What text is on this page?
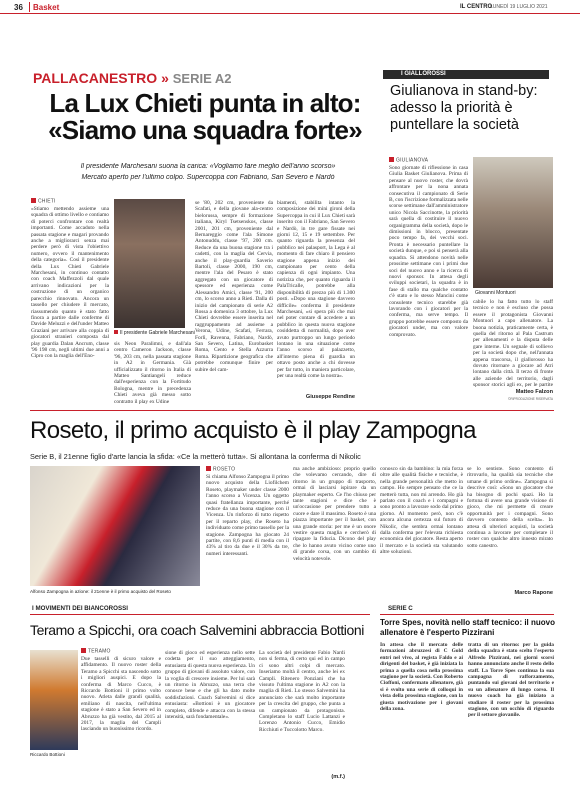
36 Basket	IL CENTRO
LUNEDÌ 19 LUGLIO 2021
PALLACANESTRO » SERIE A2
La Lux Chieti punta in alto:
«Siamo una squadra forte»
Il presidente Marchesani suona la carica: «Vogliamo fare meglio dell'anno scorso»
Mercato aperto per l'ultimo colpo. Supercoppa con Fabriano, San Severo e Nardò
CHIETI
«Stiamo mettendo assieme una squadra di ottimo livello e contiamo di poterci confrontare con realtà importanti. Come accaduto nella passata stagione e magari provando anche a migliorarci senza mai perdere però di vista l'obiettivo numero, ovvero il mantenimento della categoria». Così il presidente della Lux Chieti Gabriele Marchesani, in continuo contatto con coach Maffezzoli dal quale arrivano indicazioni per la costruzione di un organico parecchio rinnovato. Ancora un tassello per chiudere il mercato, riassumendo quanto è stato fatto finora a partire dalle conferme di Davide Meluzzi e dell'under Matteo Graziani per arrivare alla coppia di giocatori stranieri composta dal play guardia Dalan Ancrum, classe '96 198 cm, negli ultimi due anni a Cipro con la maglia dell'Eno-
Il presidente Gabriele Marchesani
sis Neon Paralimni, e dall'ala centro Cameron Jackson, classe '96, 203 cm, nella passata stagione in A2 in Germania. Già ufficializzato il ritorno in Italia di Matteo Santiangeli reduce dall'esperienza con la Fortitudo Bologna, mentre in precedenza Chieti aveva già messo sotto contratto il play ex Udine
se '80, 202 cm, proveniente da Scafati, e della giovane ala-centro bielorussa, sempre di formazione italiana, Kiryl Tsetsenskos, classe 2001, 201 cm, proveniente dal Bernareggio come l'ala Simone Antonuddu, classe '97, 200 cm. Reduce da una buona stagione tra i cadetti, con la maglia del Cervia, anche il play-guardia Saverio Bartoli, classe 2000, 190 cm, mentre l'ala del Pesaro è stato aggregato con un giocatore di spessore ed esperienza come Alessandro Amici, classe '91, 200 cm, lo scorso anno a Rieti. Dalla di inizio del campionato di serie A2 Rossa a domenica 3 ottobre, la Lux Chieti dovrebbe essere inserita nel raggruppamento ad assieme a Verona, Udine, Scafati, Ferrara, Forlì, Ravenna, Fabriano, Nardò, San Severo, Latina, Eurobasket Roma, Cento e Stella Azzurra Roma. Ripartizione geografica che potrebbe comunque finire per subire del cam-
biamenti, stabilita intanto la composizione dei mini gironi della Supercoppa in cui il Lux Chieti sarà inserito con il Fabriano, San Severo e Nardò, in tre gare fissate nei giorni 12, 15 e 19 settembre. Per quanto riguarda la presenza del pubblico nei palasport, la Lega è al momento di fare chiaro il pensiero stagione appena inizio dei campionato per cento della capienza di ogni impianto. Una notiziza che, per quanto riguarda il PalaTricalle, potrebbe alla disponibilità di prezzo più di 1.300 posti. «Dopo una stagione davvero difficile» conferma il presidente Marchesani, «si spera più che mai nel poter contare di accedere a un pubblico in questa nuova stagione cosiddetta di normalità, dopo aver avuto purtroppo un lungo periodo lontano in una situazione come l'anno scorso al palazzetto, all'interno piena di guardia un ottavo posto anche a chi dovesse per far tutto, in maniera particolare, per una realtà come la nostra».
Giuseppe Rendine
I GIALLOROSSI
Giulianova in stand-by: adesso la priorità è puntellare la società
GIULIANOVA
Sono giornate di riflessione in casa Giulia Basket Giulianova. Prima di pensare al nuovo roster, che dovrà affrontare per la nona annata consecutiva il campionato di Serie B, con l'iscrizione formalizzata nelle scorse settimane dall'amministratore unico Nicola Saccinotte, la priorità sarà quella di costituire il nuovo organigramma della società, dopo le dimissioni in blocco, presentate poco tempo fa, dei vecchi soci. Pronta è necessario puntellare la società dunque, e poi si penserà alla squadra. Si attendono novità nelle prossime settimane con i primi due soci del nuovo anno e la ricerca di nuovi sponsor. In attesa degli sviluppi societari, la squadra è in fase di stallo ma qualche contatto c'è stato e lo stesso Mancini come consulente tecnico starebbe già lavorando con i giocatori per la conferma, ma serve tempo. Il gruppo potrebbe essere composto da giocatori under, ma con valore comprovato.
Giovanni Montuori
cabile lo ha fatto tutto lo staff tecnico e non è escluso che possa essere il protagonista Giovanni Montuori a capo allenatore. La buona notizia, praticamente certa, è quella del ritorno al Pala Castrum per allenamenti e la disputa delle gare interne. Un segnale di sollievo per la società dopo che, nell'annata appena trascorsa, il giallorosso ha dovuto ritornare a giocare ad Atri lontano dalla città. Il terzo di fronte alle aziende del territorio, dagli sponsor storici agli ex, per le partite
Matteo Falzon
©RIPRODUZIONE RISERVATA
Roseto, il primo acquisto è il play Zampogna
Serie B, il 21enne figlio d'arte lancia la sfida: «Ce la metterò tutta». Si allontana la conferma di Nikolic
Alfonso Zampogna in azione: il 21enne è il primo acquisto del Roseto
ROSETO
Si chiama Alfonso Zampogna il primo nuovo acquisto della Liofilchem Roseto, playmaker under classe 2000 l'anno scorso a Vicenza. Un oggetto quasi fratellanza importante, perché reduce da una buona stagione con il Vicenza. Un rinforzo di tutto rispetto per il reparto play, che Roseto ha individuato come primo tassello per la stagione. Zampogna ha giocato 24 partite, con 8,6 punti di media con il 43% al tiro da due e il 30% da tre, numeri interessanti.
ma anche ambizioso: proprio quello che volevamo cercando, dire di ritorno in un gruppo di trasporto, ormai di lasciarsi ispirare da un playmaker esperto. Ce l'ho chiuso per tante stagioni e dice che è un'occasione per prendere tutto a cuore e dare il massimo. Roseto è una piazza importante per il basket, con una grande storia: per me è un onore vestire questa maglia e cercherò di ripagare la fiducia. Dicono del play che lo hanno avuto vicino come uno di grande corsa, con un cambio di velocità notevole.
conosco sin da bambino: la mia forza oltre alle qualità fisiche e tecniche, è nella grande personalità che metto in campo. Ho sempre pensato che ce la metterò tutta, non mi arrendo. Ho già parlato con il coach e i compagni e sono pronto a lavorare sodo dal primo giorno. Al momento però, non c'è ancora alcuna certezza sul futuro di Nikolic, che sembra ormai lontano dalla conferma per l'elevata richiesta economica del giocatore. Resta aperto il mercato e la società sta valutando altre soluzioni.
se lo sentiste. Sono contento di ritrovarlo, ha qualità sia tecniche che umane di primo ordine». Zampogna si descrive così: «Sono un giocatore che ha bisogno di pochi spazi. Ho la fortuna di avere una grande visione di gioco, che mi permette di creare opportunità per i compagni. Sono davvero contento della scelta». In attesa di ulteriori acquisti, la società continua a lavorare per completare il roster con qualche altro innesto mirato sotto canestro.
Marco Rapone
I MOVIMENTI DEI BIANCOROSSI
Teramo a Spicchi, ora coach Salvemini abbraccia Bottioni
TERAMO
Riccardo Bottioni
Due tasselli di sicuro valore e affidamento. Il nuovo roster della Teramo a Spicchi sta nascendo sotto i migliori auspici. E dopo la conferma di Marco Cucco, è Riccardo Bottioni il primo volto nuovo. Atleta dalle grandi qualità, emiliano di nascita, nell'ultima stagione è stato a San Severo ed in Abruzzo ha già vestito, dal 2015 al 2017, la maglia del Campli lasciando un buonissimo ricordo.
sione di gioco ed esperienza nello sette codetta per il suo atteggiamento, entusiasta di questa nuova esperienza. Un gruppo di giovani di assoluto valore, con la voglia di crescere insieme. Per lui sarà un ritorno in Abruzzo, una terra che conosce bene e che gli ha dato molte soddisfazioni. Coach Salvemini si dice entusiasta: «Bottioni è un giocatore completo, difende e attacca con la stessa intensità, sarà fondamentale».
La società del presidente Fabio Nardi non si ferma, di certo qui ed in campo ci sono altri colpi di mercato. Inseriamo moltà il centro, anche lei ex Campli. Ritenero Ponziani che ha vissuto l'ultima stagione in A2 con la maglia di Rieti. Lo stesso Salvemini ha annunciato che sarà molto importante per la crescita del gruppo, che punta a un campionato da protagonista. Completano lo staff Lucio Lattanzi e Lorenzo Antonio Cucco, Emidio Ricchiuti e Tuccolotto Marco.
(m.f.)
SERIE C
Torre Spes, novità nello staff tecnico: il nuovo allenatore è l'esperto Pizzirani
In attesa che il mercato delle formazioni abruzzesi di C Gold entri nel vivo, al regista Faldo e ai dirigenti del basket, è già iniziata la prima a quella cosa nella prossima stagione per la società. Con Roberto Cioffoni, confermato allenatore, già si è svolto una serie di colloqui in vista della prossima stagione, con la giusta motivazione per i giovani della zona.
tratta di un ritorno: per la guida della squadra è stato scelto l'esperto Alfredo Pizzirani, nei giorni scorsi hanno annunciato anche il resto dello staff. La Torre Spes continua la sua campagna di rafforzamento, puntando sui giovani del territorio e su un allenatore di lungo corso. Il nuovo coach ha già iniziato a studiare il roster per la prossima stagione, con un occhio di riguardo per il settore giovanile.
